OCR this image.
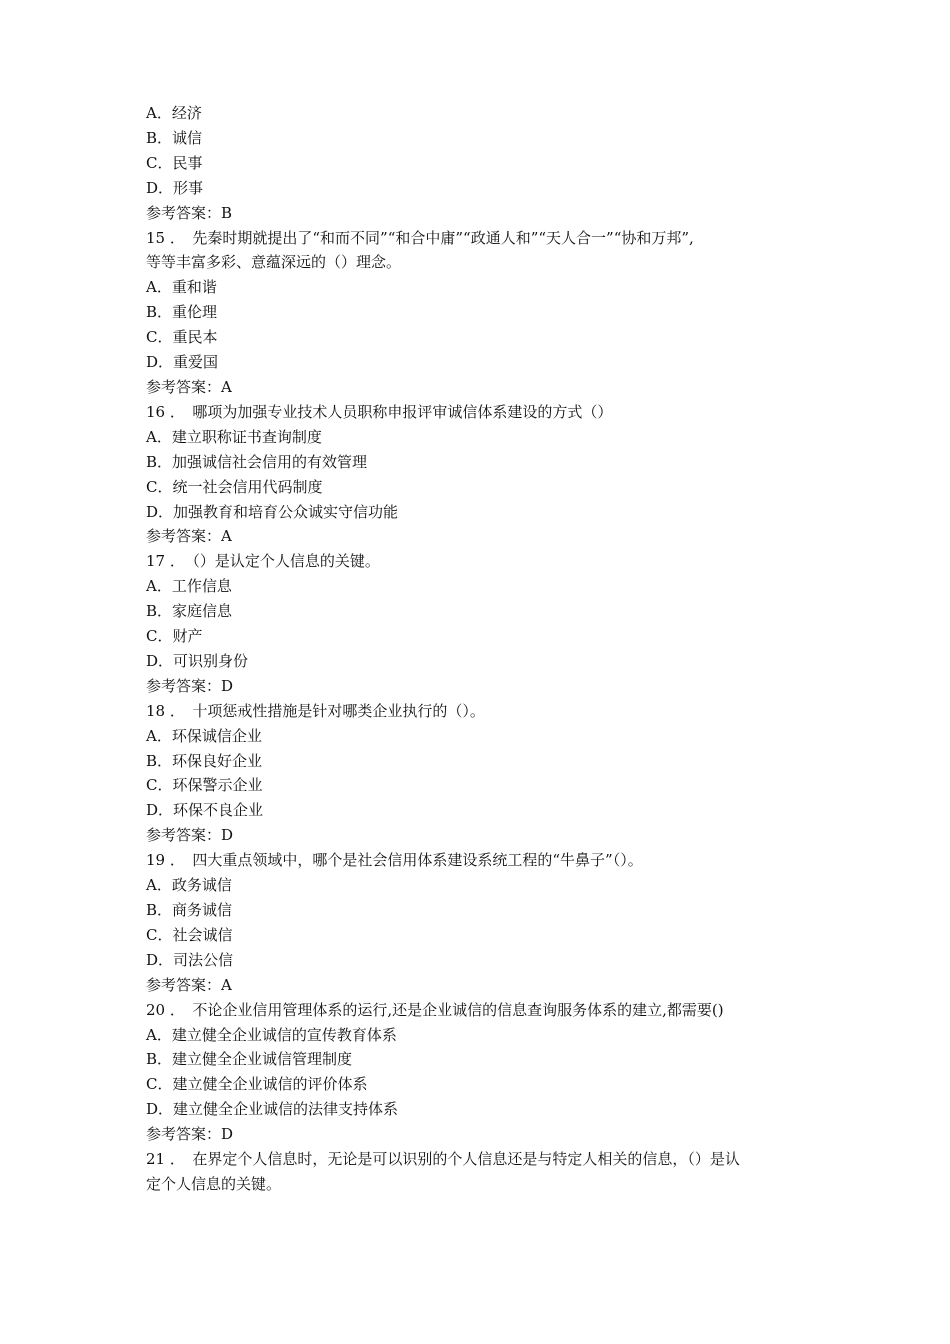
A．经济
B．诚信
C．民事
D．形事
参考答案：B
15 ．　先秦时期就提出了“和而不同”“和合中庸”“政通人和”“天人合一”“协和万邦”,
等等丰富多彩、意蕴深远的（）理念。
A．重和谐
B．重伦理
C．重民本
D．重爱国
参考答案：A
16 ．　哪项为加强专业技术人员职称申报评审诚信体系建设的方式（）
A．建立职称证书查询制度
B．加强诚信社会信用的有效管理
C．统一社会信用代码制度
D．加强教育和培育公众诚实守信功能
参考答案：A
17 ．　（）是认定个人信息的关键。
A．工作信息
B．家庭信息
C．财产
D．可识别身份
参考答案：D
18 ．　十项惩戒性措施是针对哪类企业执行的（）。
A．环保诚信企业
B．环保良好企业
C．环保警示企业
D．环保不良企业
参考答案：D
19 ．　四大重点领域中，哪个是社会信用体系建设系统工程的“牛鼻子”（）。
A．政务诚信
B．商务诚信
C．社会诚信
D．司法公信
参考答案：A
20 ．　不论企业信用管理体系的运行,还是企业诚信的信息查询服务体系的建立,都需要()
A．建立健全企业诚信的宣传教育体系
B．建立健全企业诚信管理制度
C．建立健全企业诚信的评价体系
D．建立健全企业诚信的法律支持体系
参考答案：D
21 ．　在界定个人信息时，无论是可以识别的个人信息还是与特定人相关的信息，（）是认
定个人信息的关键。
